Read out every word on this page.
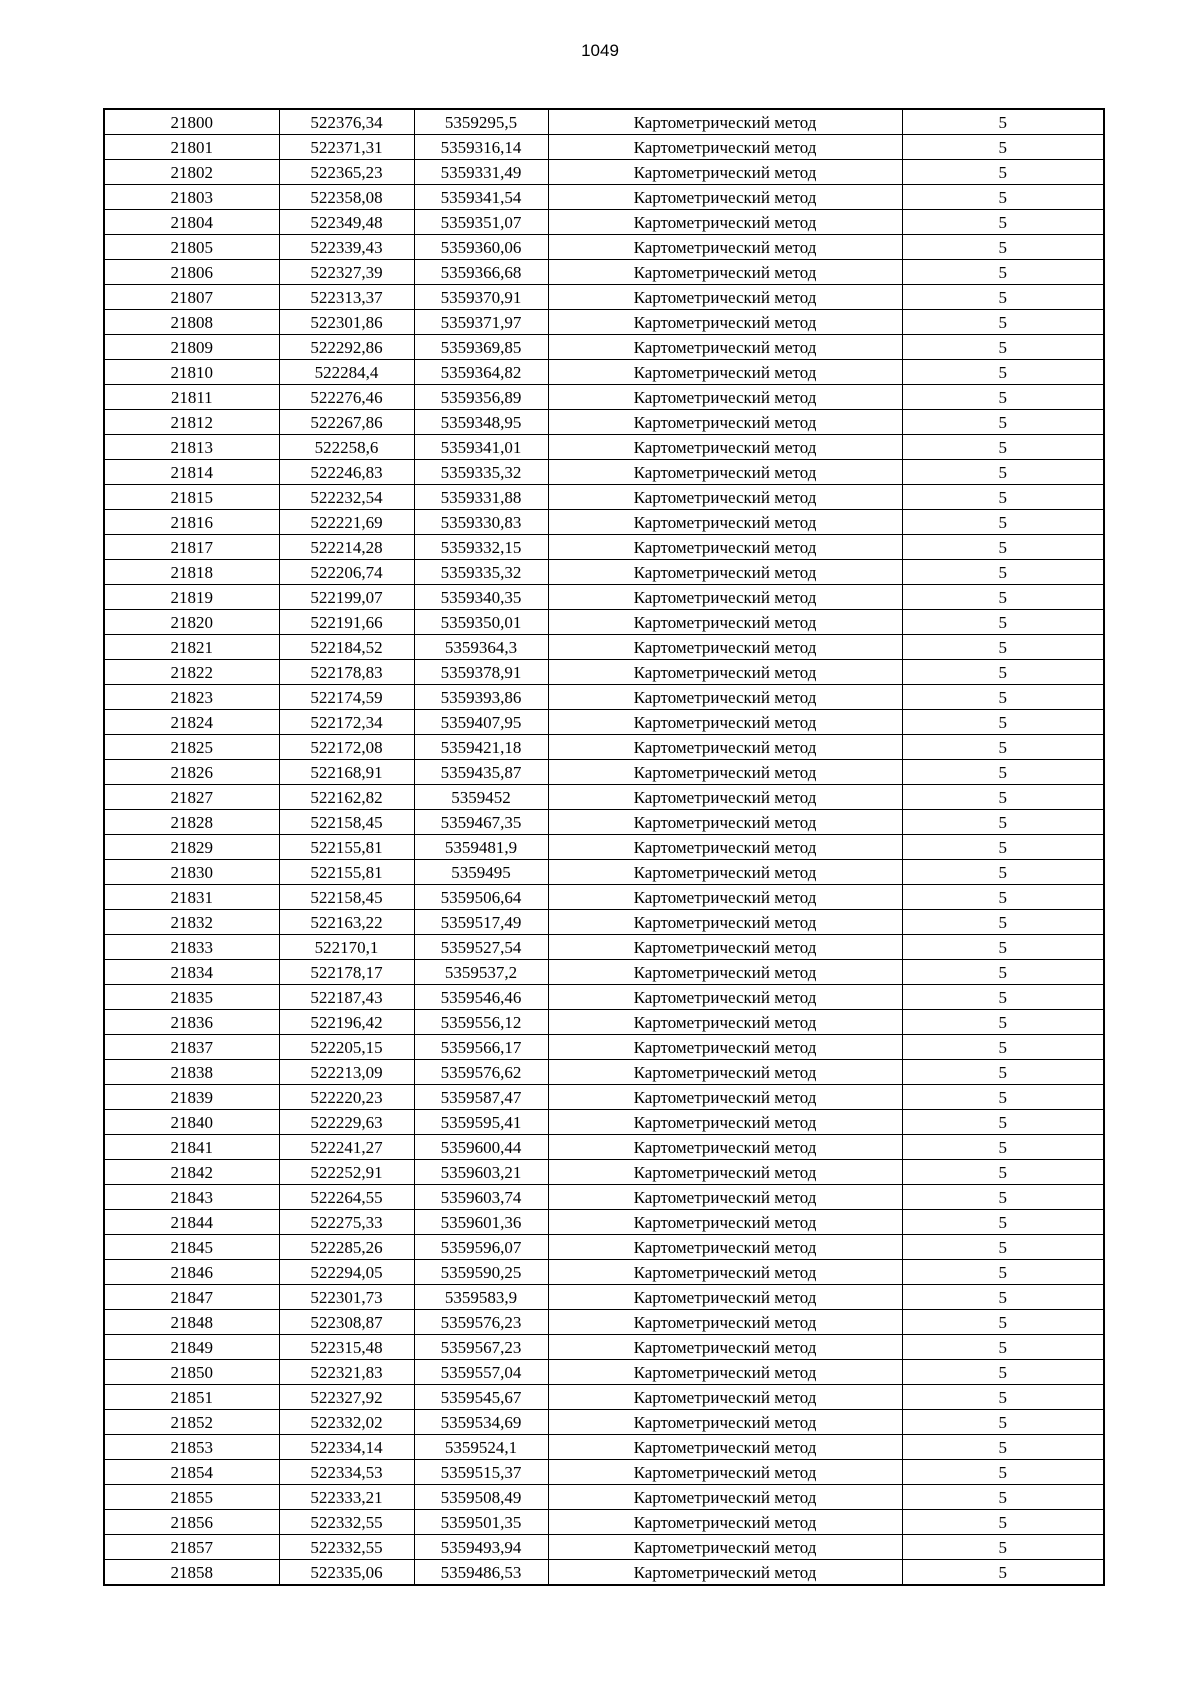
1049
21800	522376,34	5359295,5	Картометрический метод	5
21801	522371,31	5359316,14	Картометрический метод	5
21802	522365,23	5359331,49	Картометрический метод	5
21803	522358,08	5359341,54	Картометрический метод	5
21804	522349,48	5359351,07	Картометрический метод	5
21805	522339,43	5359360,06	Картометрический метод	5
21806	522327,39	5359366,68	Картометрический метод	5
21807	522313,37	5359370,91	Картометрический метод	5
21808	522301,86	5359371,97	Картометрический метод	5
21809	522292,86	5359369,85	Картометрический метод	5
21810	522284,4	5359364,82	Картометрический метод	5
21811	522276,46	5359356,89	Картометрический метод	5
21812	522267,86	5359348,95	Картометрический метод	5
21813	522258,6	5359341,01	Картометрический метод	5
21814	522246,83	5359335,32	Картометрический метод	5
21815	522232,54	5359331,88	Картометрический метод	5
21816	522221,69	5359330,83	Картометрический метод	5
21817	522214,28	5359332,15	Картометрический метод	5
21818	522206,74	5359335,32	Картометрический метод	5
21819	522199,07	5359340,35	Картометрический метод	5
21820	522191,66	5359350,01	Картометрический метод	5
21821	522184,52	5359364,3	Картометрический метод	5
21822	522178,83	5359378,91	Картометрический метод	5
21823	522174,59	5359393,86	Картометрический метод	5
21824	522172,34	5359407,95	Картометрический метод	5
21825	522172,08	5359421,18	Картометрический метод	5
21826	522168,91	5359435,87	Картометрический метод	5
21827	522162,82	5359452	Картометрический метод	5
21828	522158,45	5359467,35	Картометрический метод	5
21829	522155,81	5359481,9	Картометрический метод	5
21830	522155,81	5359495	Картометрический метод	5
21831	522158,45	5359506,64	Картометрический метод	5
21832	522163,22	5359517,49	Картометрический метод	5
21833	522170,1	5359527,54	Картометрический метод	5
21834	522178,17	5359537,2	Картометрический метод	5
21835	522187,43	5359546,46	Картометрический метод	5
21836	522196,42	5359556,12	Картометрический метод	5
21837	522205,15	5359566,17	Картометрический метод	5
21838	522213,09	5359576,62	Картометрический метод	5
21839	522220,23	5359587,47	Картометрический метод	5
21840	522229,63	5359595,41	Картометрический метод	5
21841	522241,27	5359600,44	Картометрический метод	5
21842	522252,91	5359603,21	Картометрический метод	5
21843	522264,55	5359603,74	Картометрический метод	5
21844	522275,33	5359601,36	Картометрический метод	5
21845	522285,26	5359596,07	Картометрический метод	5
21846	522294,05	5359590,25	Картометрический метод	5
21847	522301,73	5359583,9	Картометрический метод	5
21848	522308,87	5359576,23	Картометрический метод	5
21849	522315,48	5359567,23	Картометрический метод	5
21850	522321,83	5359557,04	Картометрический метод	5
21851	522327,92	5359545,67	Картометрический метод	5
21852	522332,02	5359534,69	Картометрический метод	5
21853	522334,14	5359524,1	Картометрический метод	5
21854	522334,53	5359515,37	Картометрический метод	5
21855	522333,21	5359508,49	Картометрический метод	5
21856	522332,55	5359501,35	Картометрический метод	5
21857	522332,55	5359493,94	Картометрический метод	5
21858	522335,06	5359486,53	Картометрический метод	5
